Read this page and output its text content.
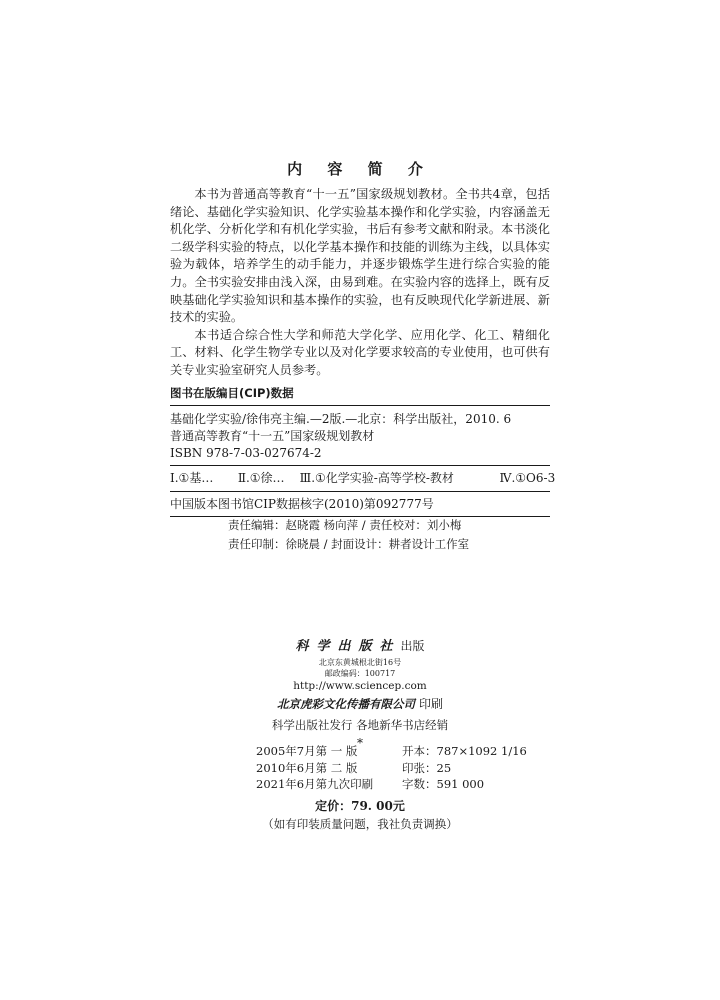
内 容 简 介

本书为普通高等教育“十一五”国家级规划教材。全书共4章，包括绪论、基础化学实验知识、化学实验基本操作和化学实验，内容涵盖无机化学、分析化学和有机化学实验，书后有参考文献和附录。本书淡化二级学科实验的特点，以化学基本操作和技能的训练为主线，以具体实验为载体，培养学生的动手能力，并逐步锻炼学生进行综合实验的能力。全书实验安排由浅入深，由易到难。在实验内容的选择上，既有反映基础化学实验知识和基本操作的实验，也有反映现代化学新进展、新技术的实验。

本书适合综合性大学和师范大学化学、应用化学、化工、精细化工、材料、化学生物学专业以及对化学要求较高的专业使用，也可供有关专业实验室研究人员参考。

图书在版编目(CIP)数据
基础化学实验/徐伟亮主编.—2版.—北京：科学出版社，2010. 6
普通高等教育“十一五”国家级规划教材
ISBN 978-7-03-027674-2
Ⅰ.①基… Ⅱ.①徐… Ⅲ.①化学实验-高等学校-教材	Ⅳ.①O6-3
中国版本图书馆CIP数据核字(2010)第092777号
责任编辑：赵晓霞 杨向萍 / 责任校对：刘小梅
责任印制：徐晓晨 / 封面设计：耕者设计工作室
科学出版社出版
北京东黄城根北街16号
邮政编码：100717
http://www.sciencep.com
北京虎彩文化传播有限公司 印刷
科学出版社发行 各地新华书店经销
*
2005年7月第 一 版	开本：787×1092 1/16
2010年6月第 二 版	印张：25
2021年6月第九次印刷	字数：591 000
定价：79. 00元
（如有印装质量问题，我社负责调换）
